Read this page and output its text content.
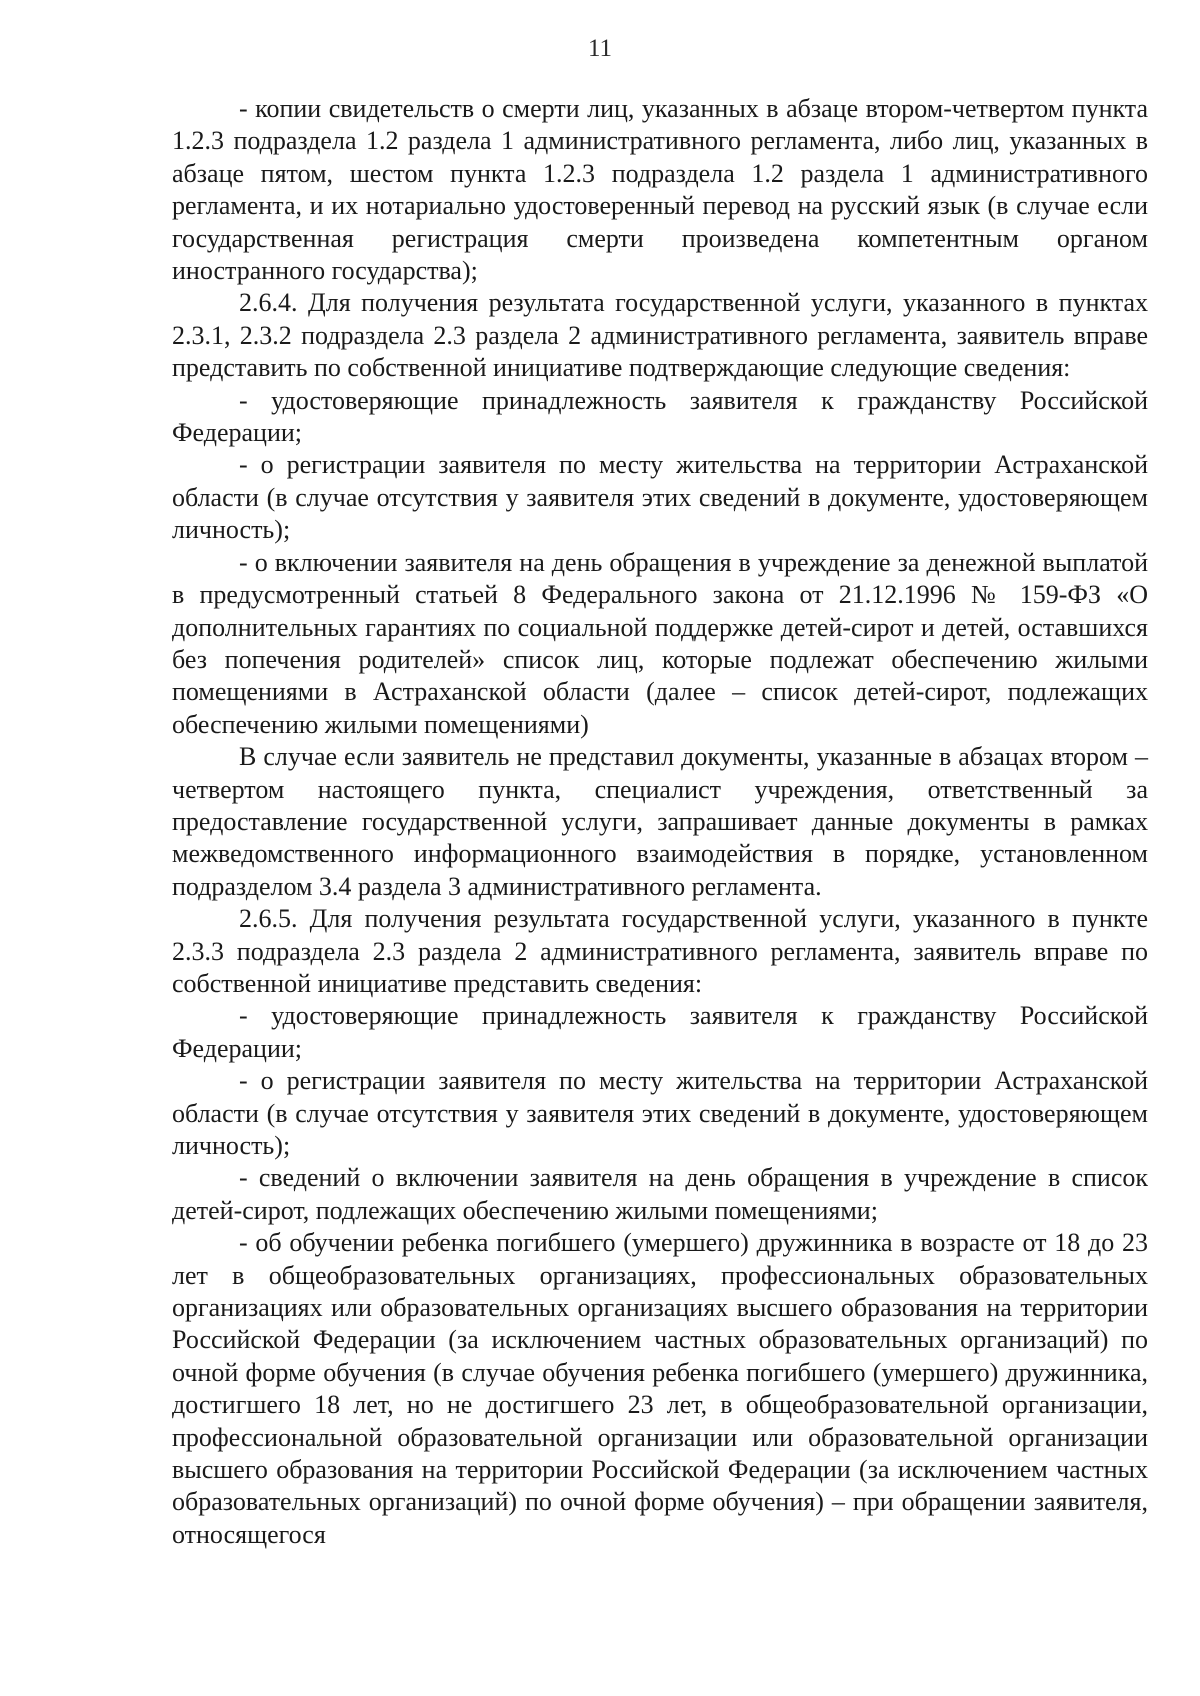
11

- копии свидетельств о смерти лиц, указанных в абзаце втором-четвертом пункта 1.2.3 подраздела 1.2 раздела 1 административного регламента, либо лиц, указанных в абзаце пятом, шестом пункта 1.2.3 подраздела 1.2 раздела 1 административного регламента, и их нотариально удостоверенный перевод на русский язык (в случае если государственная регистрация смерти произведена компетентным органом иностранного государства);

2.6.4. Для получения результата государственной услуги, указанного в пунктах 2.3.1, 2.3.2 подраздела 2.3 раздела 2 административного регламента, заявитель вправе представить по собственной инициативе подтверждающие следующие сведения:

- удостоверяющие принадлежность заявителя к гражданству Российской Федерации;

- о регистрации заявителя по месту жительства на территории Астраханской области (в случае отсутствия у заявителя этих сведений в документе, удостоверяющем личность);

- о включении заявителя на день обращения в учреждение за денежной выплатой в предусмотренный статьей 8 Федерального закона от 21.12.1996 № 159-ФЗ «О дополнительных гарантиях по социальной поддержке детей-сирот и детей, оставшихся без попечения родителей» список лиц, которые подлежат обеспечению жилыми помещениями в Астраханской области (далее – список детей-сирот, подлежащих обеспечению жилыми помещениями)

В случае если заявитель не представил документы, указанные в абзацах втором – четвертом настоящего пункта, специалист учреждения, ответственный за предоставление государственной услуги, запрашивает данные документы в рамках межведомственного информационного взаимодействия в порядке, установленном подразделом 3.4 раздела 3 административного регламента.

2.6.5. Для получения результата государственной услуги, указанного в пункте 2.3.3 подраздела 2.3 раздела 2 административного регламента, заявитель вправе по собственной инициативе представить сведения:

- удостоверяющие принадлежность заявителя к гражданству Российской Федерации;

- о регистрации заявителя по месту жительства на территории Астраханской области (в случае отсутствия у заявителя этих сведений в документе, удостоверяющем личность);

- сведений о включении заявителя на день обращения в учреждение в список детей-сирот, подлежащих обеспечению жилыми помещениями;

- об обучении ребенка погибшего (умершего) дружинника в возрасте от 18 до 23 лет в общеобразовательных организациях, профессиональных образовательных организациях или образовательных организациях высшего образования на территории Российской Федерации (за исключением частных образовательных организаций) по очной форме обучения (в случае обучения ребенка погибшего (умершего) дружинника, достигшего 18 лет, но не достигшего 23 лет, в общеобразовательной организации, профессиональной образовательной организации или образовательной организации высшего образования на территории Российской Федерации (за исключением частных образовательных организаций) по очной форме обучения) – при обращении заявителя, относящегося
